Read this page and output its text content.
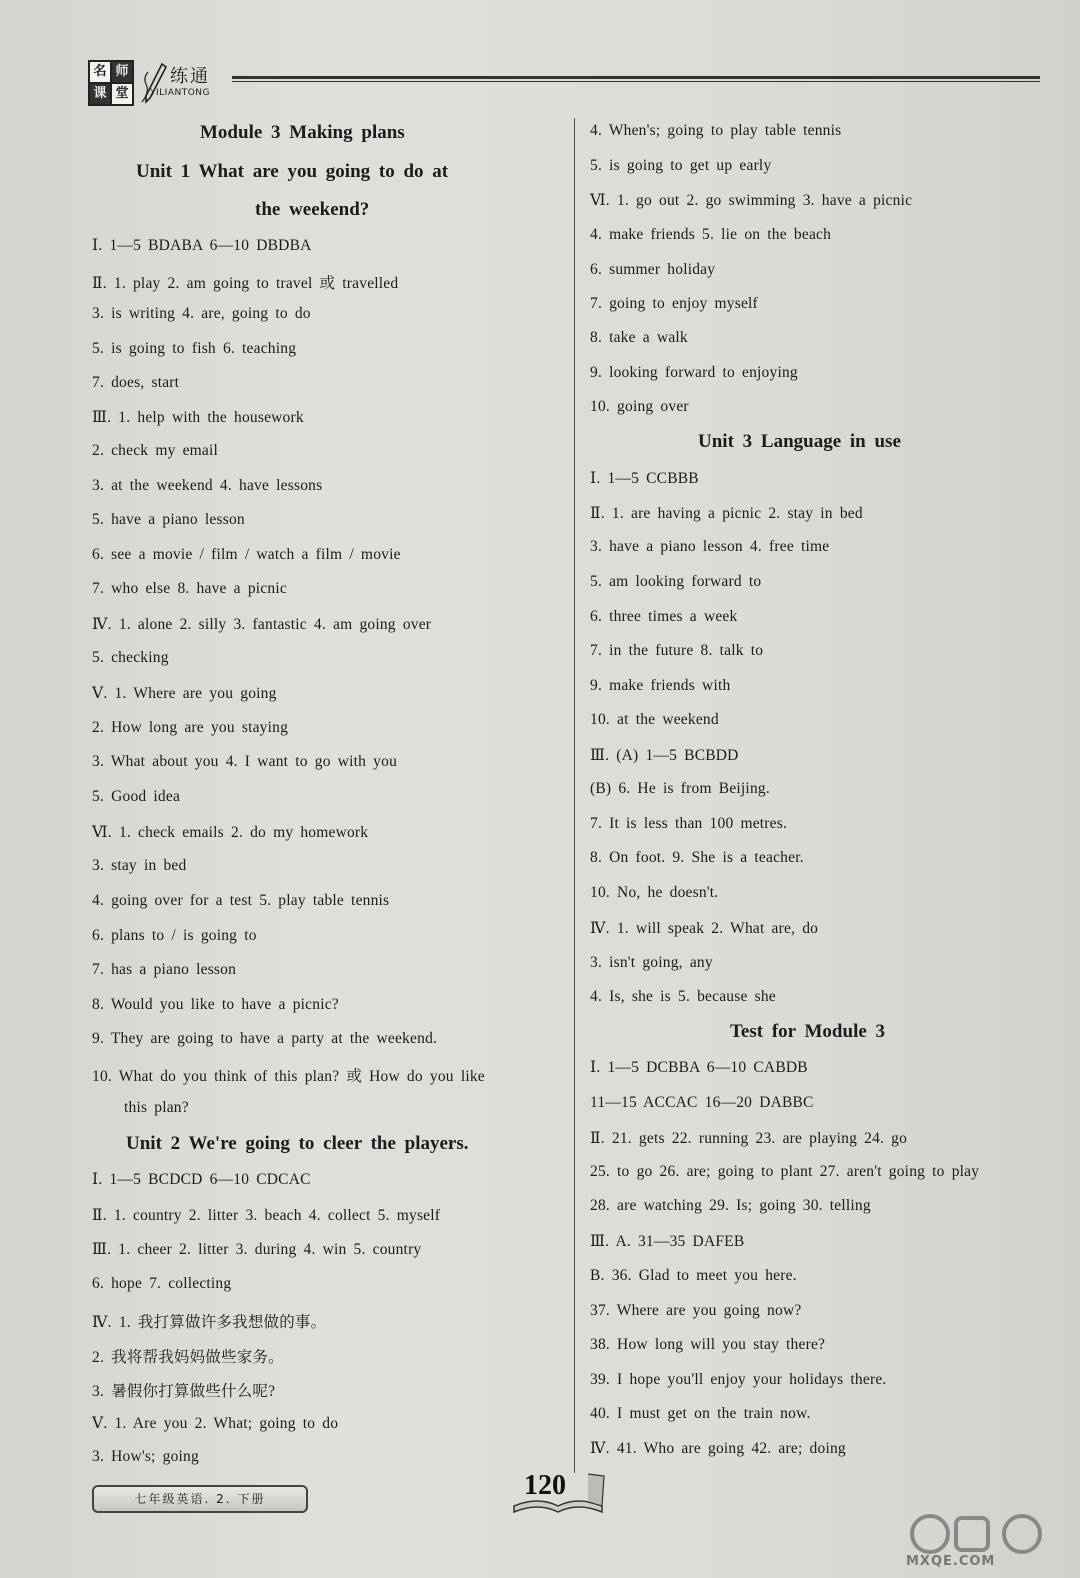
名 师
课 堂
练通
YILIANTONG
Module 3 Making plans
Unit 1 What are you going to do at
the weekend?
Ⅰ. 1—5 BDABA 6—10 DBDBA
Ⅱ. 1. play 2. am going to travel 或 travelled
3. is writing 4. are, going to do
5. is going to fish 6. teaching
7. does, start
Ⅲ. 1. help with the housework
2. check my email
3. at the weekend 4. have lessons
5. have a piano lesson
6. see a movie / film / watch a film / movie
7. who else 8. have a picnic
Ⅳ. 1. alone 2. silly 3. fantastic 4. am going over
5. checking
Ⅴ. 1. Where are you going
2. How long are you staying
3. What about you 4. I want to go with you
5. Good idea
Ⅵ. 1. check emails 2. do my homework
3. stay in bed
4. going over for a test 5. play table tennis
6. plans to / is going to
7. has a piano lesson
8. Would you like to have a picnic?
9. They are going to have a party at the weekend.
10. What do you think of this plan? 或 How do you like
this plan?
Unit 2 We're going to cleer the players.
Ⅰ. 1—5 BCDCD 6—10 CDCAC
Ⅱ. 1. country 2. litter 3. beach 4. collect 5. myself
Ⅲ. 1. cheer 2. litter 3. during 4. win 5. country
6. hope 7. collecting
Ⅳ. 1. 我打算做许多我想做的事。
2. 我将帮我妈妈做些家务。
3. 暑假你打算做些什么呢?
Ⅴ. 1. Are you 2. What; going to do
3. How's; going
4. When's; going to play table tennis
5. is going to get up early
Ⅵ. 1. go out 2. go swimming 3. have a picnic
4. make friends 5. lie on the beach
6. summer holiday
7. going to enjoy myself
8. take a walk
9. looking forward to enjoying
10. going over
Unit 3 Language in use
Ⅰ. 1—5 CCBBB
Ⅱ. 1. are having a picnic 2. stay in bed
3. have a piano lesson 4. free time
5. am looking forward to
6. three times a week
7. in the future 8. talk to
9. make friends with
10. at the weekend
Ⅲ. (A) 1—5 BCBDD
(B) 6. He is from Beijing.
7. It is less than 100 metres.
8. On foot. 9. She is a teacher.
10. No, he doesn't.
Ⅳ. 1. will speak 2. What are, do
3. isn't going, any
4. Is, she is 5. because she
Test for Module 3
Ⅰ. 1—5 DCBBA 6—10 CABDB
11—15 ACCAC 16—20 DABBC
Ⅱ. 21. gets 22. running 23. are playing 24. go
25. to go 26. are; going to plant 27. aren't going to play
28. are watching 29. Is; going 30. telling
Ⅲ. A. 31—35 DAFEB
B. 36. Glad to meet you here.
37. Where are you going now?
38. How long will you stay there?
39. I hope you'll enjoy your holidays there.
40. I must get on the train now.
Ⅳ. 41. Who are going 42. are; doing
七年级英语. 2. 下册	120
MXQE.COM
